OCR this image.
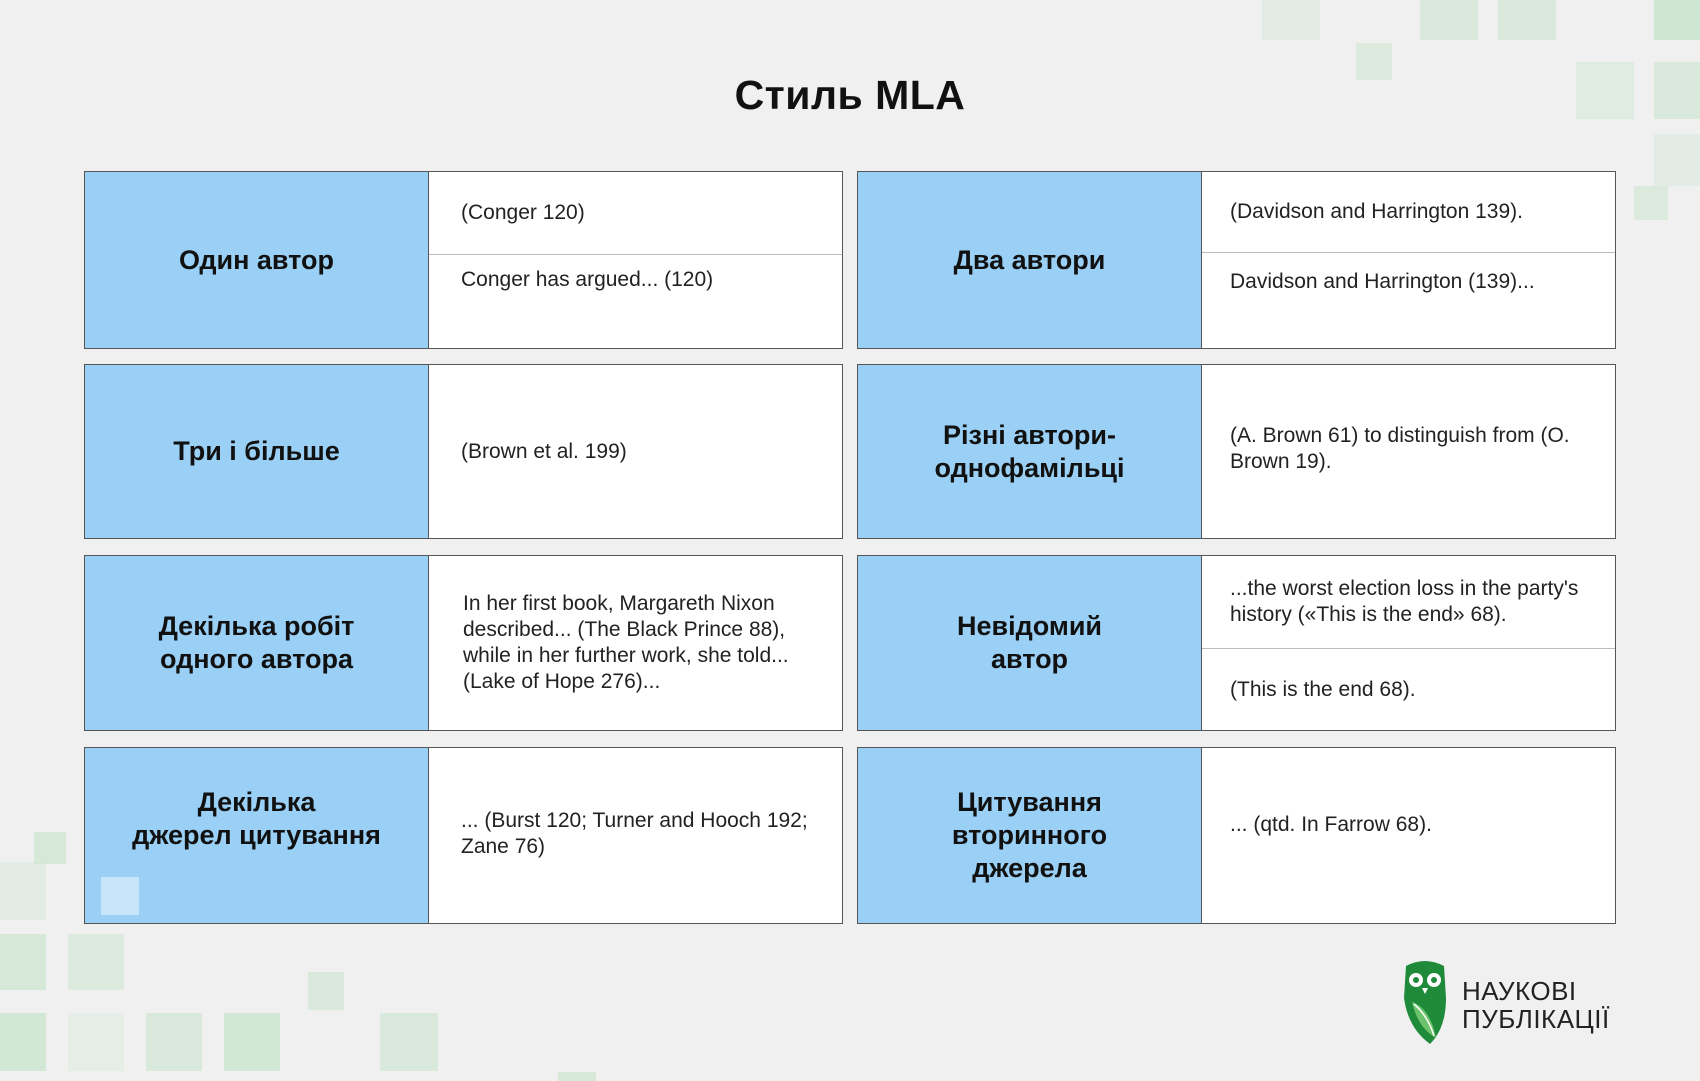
Стиль MLA
Один автор
(Conger 120)
Conger has argued... (120)
Два автори
(Davidson and Harrington 139).
Davidson and Harrington (139)...
Три і більше	(Brown et al. 199)
Різні автори-
однофамільці
(A. Brown 61) to distinguish from (O. Brown 19).
Декілька робіт
одного автора
In her first book, Margareth Nixon described... (The Black Prince 88), while in her further work, she told... (Lake of Hope 276)...
Невідомий
автор
...the worst election loss in the party's history («This is the end» 68).
(This is the end 68).
Декілька
джерел цитування	... (Burst 120; Turner and Hooch 192; Zane 76)
Цитування
вторинного
джерела
... (qtd. In Farrow 68).
НАУКОВІ
ПУБЛІКАЦІЇ
